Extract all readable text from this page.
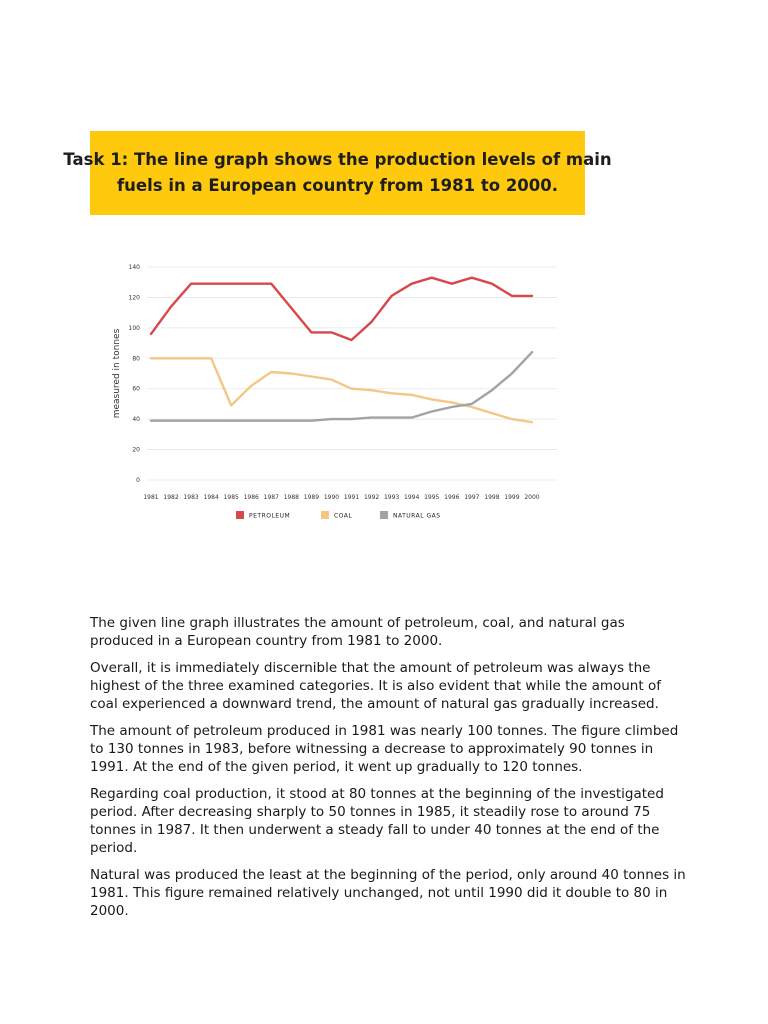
Task 1: The line graph shows the production levels of main
fuels in a European country from 1981 to 2000.
0
20
40
60
80
100
120
140
measured in tonnes
1981 1982 1983 1984 1985 1986 1987 1988 1989 1990 1991 1992 1993 1994 1995 1996 1997 1998 1999 2000
PETROLEUM	COAL	NATURAL GAS

The given line graph illustrates the amount of petroleum, coal, and natural gas produced in a European country from 1981 to 2000.

Overall, it is immediately discernible that the amount of petroleum was always the highest of the three examined categories. It is also evident that while the amount of coal experienced a downward trend, the amount of natural gas gradually increased.

The amount of petroleum produced in 1981 was nearly 100 tonnes. The figure climbed to 130 tonnes in 1983, before witnessing a decrease to approximately 90 tonnes in 1991. At the end of the given period, it went up gradually to 120 tonnes.

Regarding coal production, it stood at 80 tonnes at the beginning of the investigated period. After decreasing sharply to 50 tonnes in 1985, it steadily rose to around 75 tonnes in 1987. It then underwent a steady fall to under 40 tonnes at the end of the period.

Natural was produced the least at the beginning of the period, only around 40 tonnes in 1981. This figure remained relatively unchanged, not until 1990 did it double to 80 in 2000.
